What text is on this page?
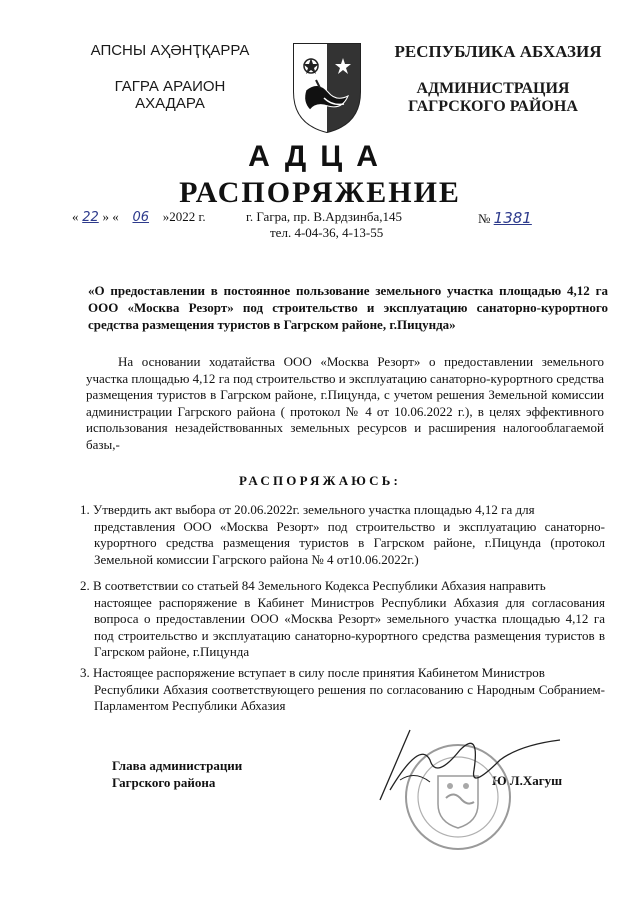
АПСНЫ АҲӘНҬҚАРРА
ГАГРА АРАИОН
АХАДАРА
РЕСПУБЛИКА АБХАЗИЯ
АДМИНИСТРАЦИЯ
ГАГРСКОГО РАЙОНА
АДЦА
РАСПОРЯЖЕНИЕ
« 22 » « 06 »2022 г.	г. Гагра, пр. В.Ардзинба,145
тел. 4-04-36, 4-13-55
№ 1381
«О предоставлении в постоянное пользование земельного участка площадью 4,12 га ООО «Москва Резорт» под строительство и эксплуатацию санаторно-курортного средства размещения туристов в Гагрском районе, г.Пицунда»
На основании ходатайства ООО «Москва Резорт» о предоставлении земельного участка площадью 4,12 га под строительство и эксплуатацию санаторно-курортного средства размещения туристов в Гагрском районе, г.Пицунда, с учетом решения Земельной комиссии администрации Гагрского района ( протокол № 4 от 10.06.2022 г.), в целях эффективного использования незадействованных земельных ресурсов и расширения налогооблагаемой базы,-
РАСПОРЯЖАЮСЬ:
1. Утвердить акт выбора от 20.06.2022г. земельного участка площадью 4,12 га для
представления ООО «Москва Резорт» под строительство и эксплуатацию санаторно-курортного средства размещения туристов в Гагрском районе, г.Пицунда (протокол Земельной комиссии Гагрского района № 4 от10.06.2022г.)
2. В соответствии со статьей 84 Земельного Кодекса Республики Абхазия направить
настоящее распоряжение в Кабинет Министров Республики Абхазия для согласования вопроса о предоставлении ООО «Москва Резорт» земельного участка площадью 4,12 га под строительство и эксплуатацию санаторно-курортного средства размещения туристов в Гагрском районе, г.Пицунда
3. Настоящее распоряжение вступает в силу после принятия Кабинетом Министров
Республики Абхазия соответствующего решения по согласованию с Народным Собранием- Парламентом Республики Абхазия
Глава администрации
Гагрского района	Ю.Л.Хагуш
